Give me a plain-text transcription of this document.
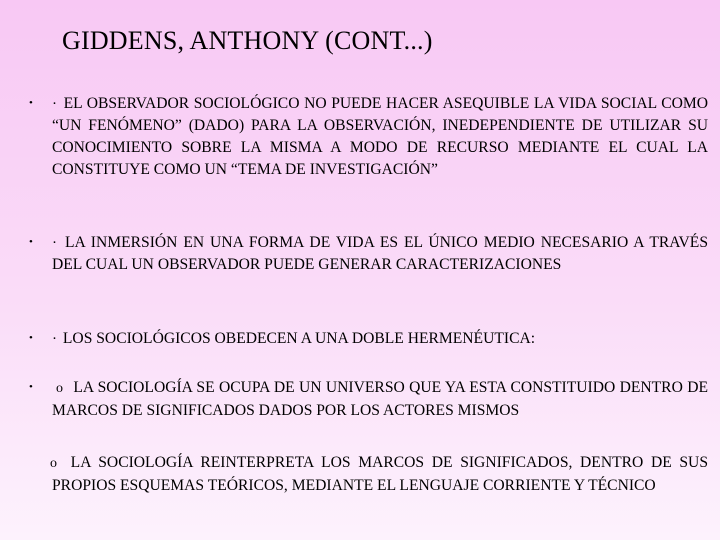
GIDDENS, ANTHONY (CONT...)
• · EL OBSERVADOR SOCIOLÓGICO NO PUEDE HACER ASEQUIBLE LA VIDA SOCIAL COMO “UN FENÓMENO” (DADO) PARA LA OBSERVACIÓN, INEDEPENDIENTE DE UTILIZAR SU CONOCIMIENTO SOBRE LA MISMA A MODO DE RECURSO MEDIANTE EL CUAL LA CONSTITUYE COMO UN “TEMA DE INVESTIGACIÓN”
• · LA INMERSIÓN EN UNA FORMA DE VIDA ES EL ÚNICO MEDIO NECESARIO A TRAVÉS DEL CUAL UN OBSERVADOR PUEDE GENERAR CARACTERIZACIONES
• · LOS SOCIOLÓGICOS OBEDECEN A UNA DOBLE HERMENÉUTICA:
• o LA SOCIOLOGÍA SE OCUPA DE UN UNIVERSO QUE YA ESTA CONSTITUIDO DENTRO DE MARCOS DE SIGNIFICADOS DADOS POR LOS ACTORES MISMOS
o LA SOCIOLOGÍA REINTERPRETA LOS MARCOS DE SIGNIFICADOS, DENTRO DE SUS PROPIOS ESQUEMAS TEÓRICOS, MEDIANTE EL LENGUAJE CORRIENTE Y TÉCNICO
